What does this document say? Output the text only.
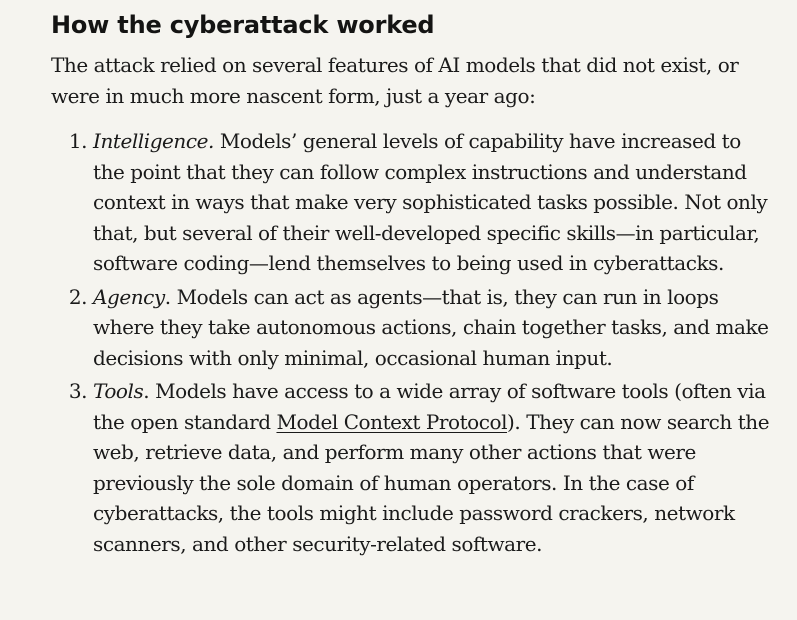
How the cyberattack worked

The attack relied on several features of AI models that did not exist, or were in much more nascent form, just a year ago:

1. Intelligence. Models’ general levels of capability have increased to the point that they can follow complex instructions and understand context in ways that make very sophisticated tasks possible. Not only that, but several of their well-developed specific skills—in particular, software coding—lend themselves to being used in cyberattacks.
2. Agency. Models can act as agents—that is, they can run in loops where they take autonomous actions, chain together tasks, and make decisions with only minimal, occasional human input.
3. Tools. Models have access to a wide array of software tools (often via the open standard Model Context Protocol). They can now search the web, retrieve data, and perform many other actions that were previously the sole domain of human operators. In the case of cyberattacks, the tools might include password crackers, network scanners, and other security-related software.
